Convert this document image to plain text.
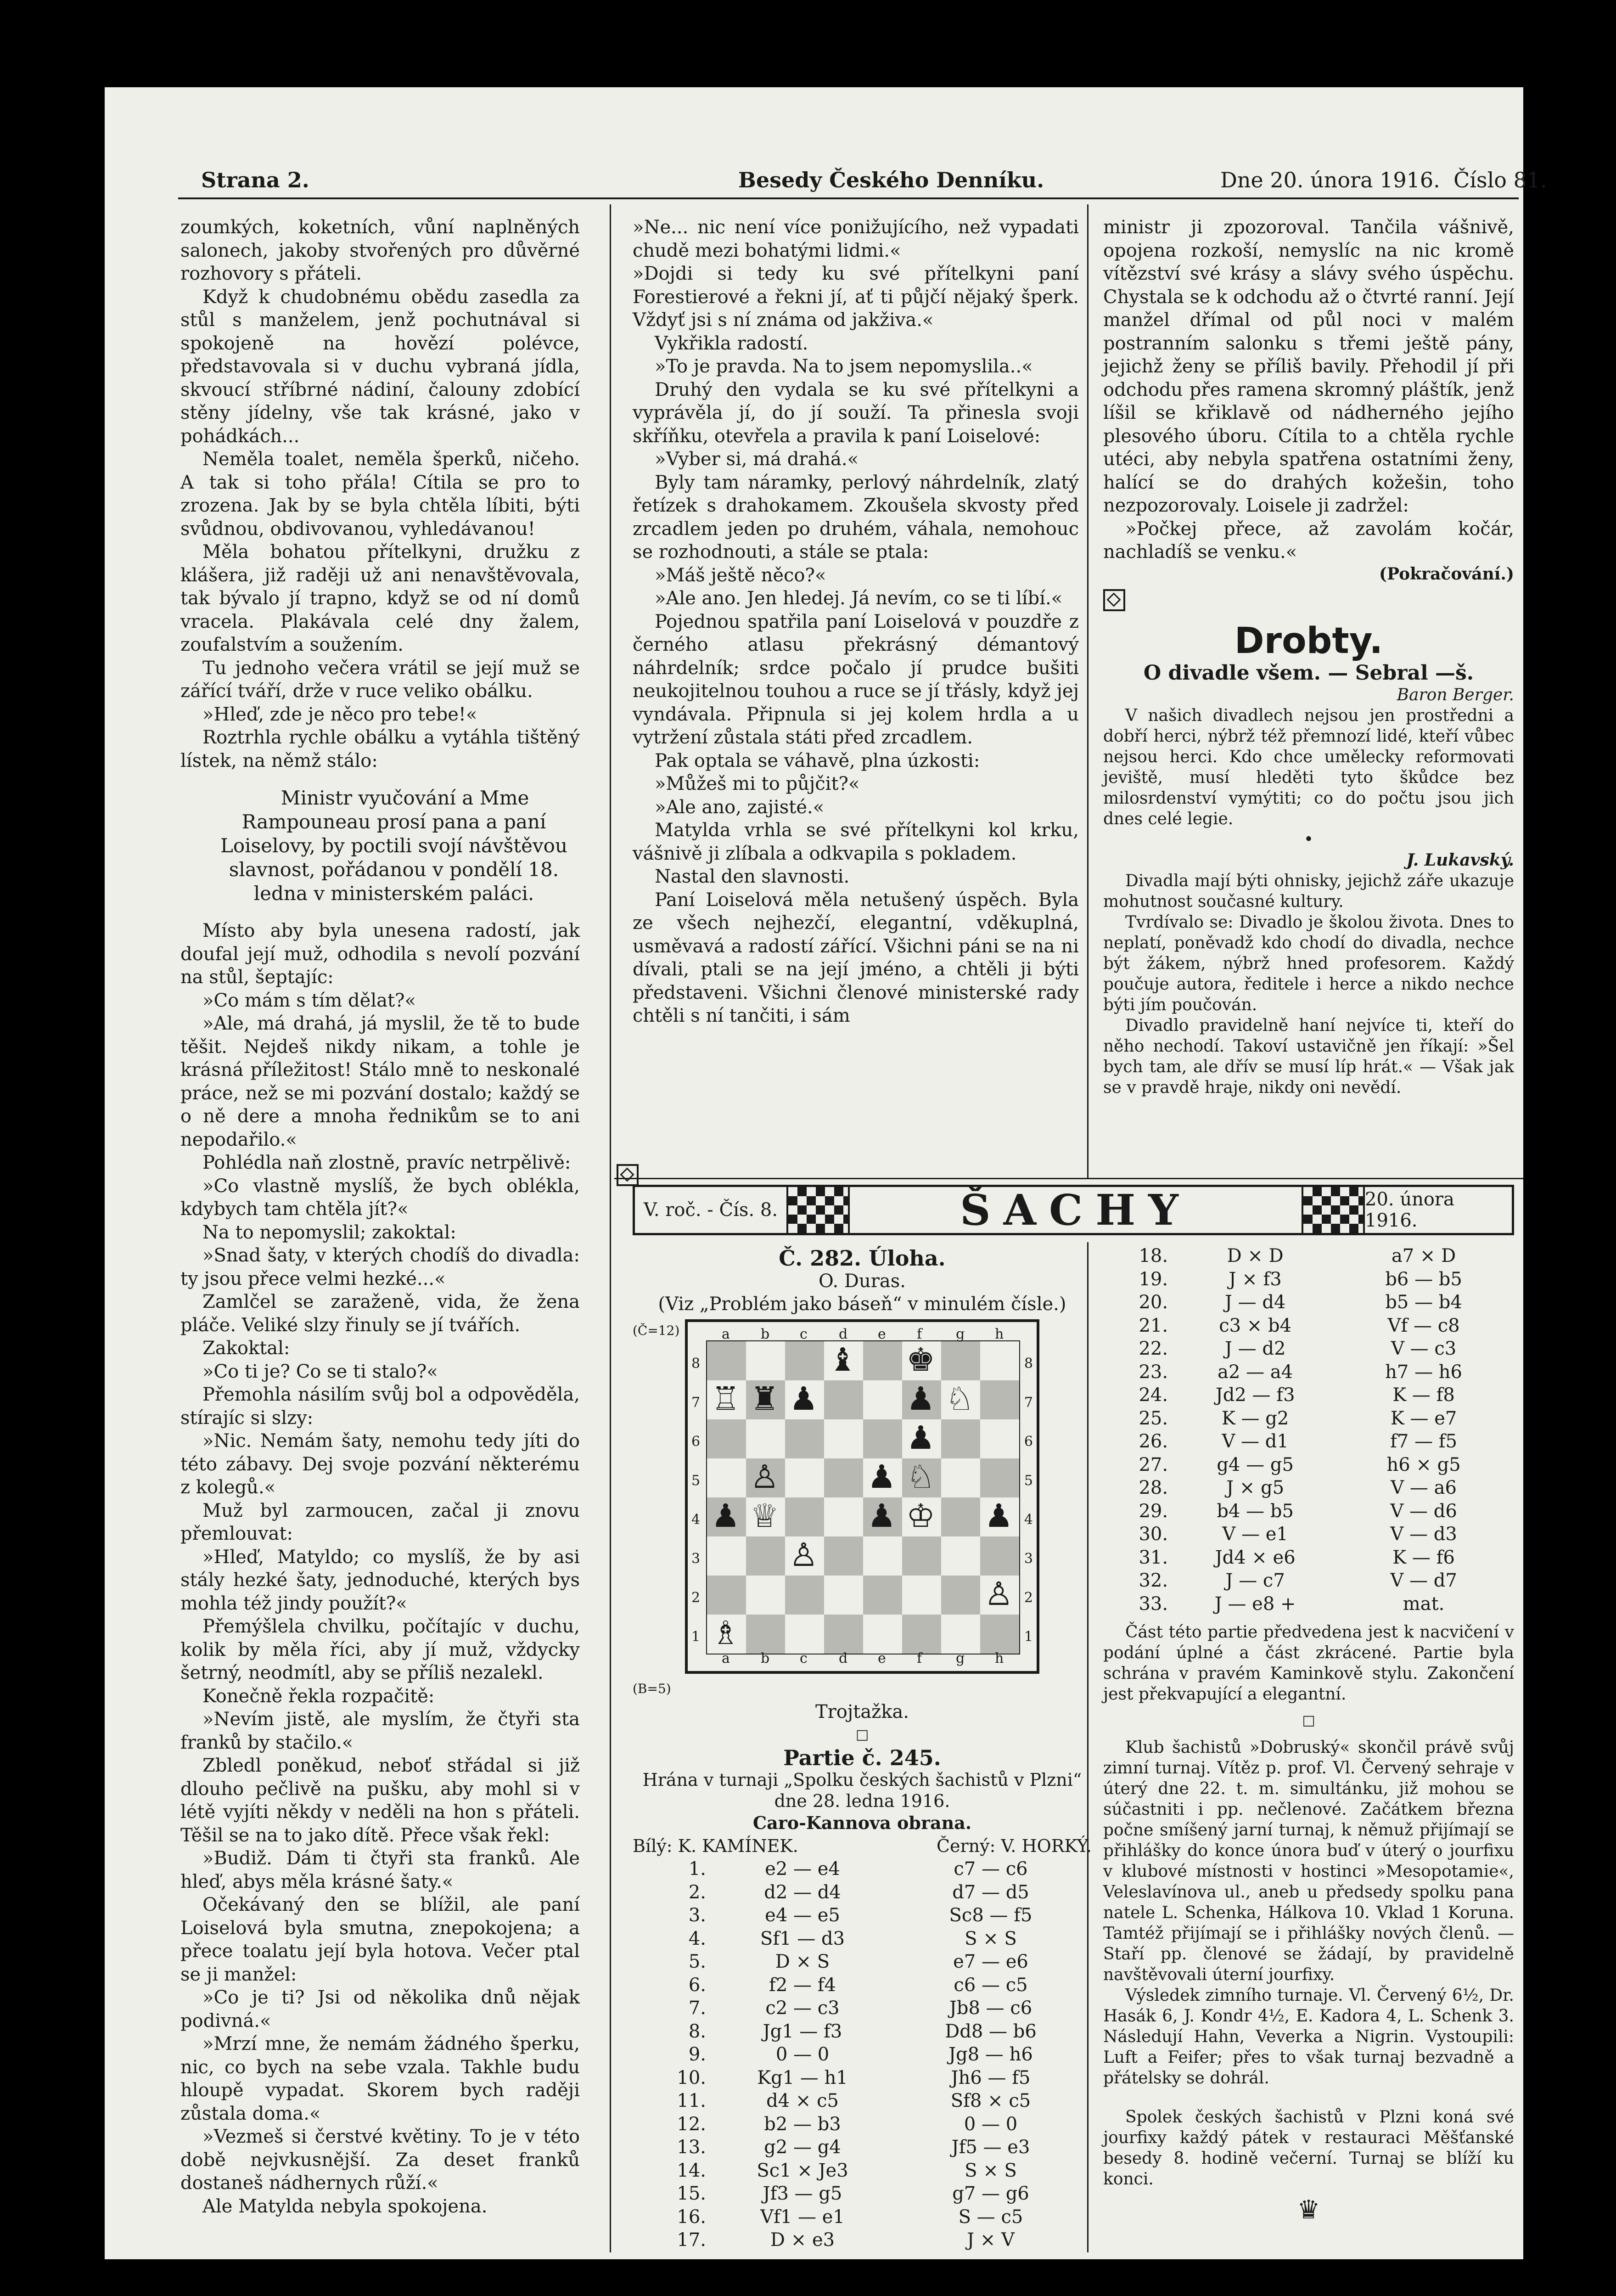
Strana 2.	Besedy Českého Denníku.	Dne 20. února 1916. Číslo 81.

zoumkých, koketních, vůní naplněných salonech, jakoby stvořených pro důvěrné rozhovory s přáteli.

Když k chudobnému obědu zasedla za stůl s manželem, jenž pochutnával si spokojeně na hovězí polévce, představovala si v duchu vybraná jídla, skvoucí stříbrné nádiní, čalouny zdobící stěny jídelny, vše tak krásné, jako v pohádkách...

Neměla toalet, neměla šperků, ničeho. A tak si toho přála! Cítila se pro to zrozena. Jak by se byla chtěla líbiti, býti svůdnou, obdivovanou, vyhledávanou!

Měla bohatou přítelkyni, družku z klášera, již raději už ani nenavštěvovala, tak bývalo jí trapno, když se od ní domů vracela. Plakávala celé dny žalem, zoufalstvím a soužením.

Tu jednoho večera vrátil se její muž se zářící tváří, drže v ruce veliko obálku.

»Hleď, zde je něco pro tebe!«

Roztrhla rychle obálku a vytáhla tištěný lístek, na němž stálo:

Ministr vyučování a Mme Rampouneau prosí pana a paní Loiselovy, by poctili svojí návštěvou slavnost, pořádanou v pondělí 18. ledna v ministerském paláci.

Místo aby byla unesena radostí, jak doufal její muž, odhodila s nevolí pozvání na stůl, šeptajíc:

»Co mám s tím dělat?«

»Ale, má drahá, já myslil, že tě to bude těšit. Nejdeš nikdy nikam, a tohle je krásná příležitost! Stálo mně to neskonalé práce, než se mi pozvání dostalo; každý se o ně dere a mnoha řednikům se to ani nepodařilo.«

Pohlédla naň zlostně, pravíc netrpělivě:

»Co vlastně myslíš, že bych oblékla, kdybych tam chtěla jít?«

Na to nepomyslil; zakoktal:

»Snad šaty, v kterých chodíš do divadla: ty jsou přece velmi hezké...«

Zamlčel se zaraženě, vida, že žena pláče. Veliké slzy řinuly se jí tvářích.

Zakoktal:

»Co ti je? Co se ti stalo?«

Přemohla násilím svůj bol a odpověděla, stírajíc si slzy:

»Nic. Nemám šaty, nemohu tedy jíti do této zábavy. Dej svoje pozvání některému z kolegů.«

Muž byl zarmoucen, začal ji znovu přemlouvat:

»Hleď, Matyldo; co myslíš, že by asi stály hezké šaty, jednoduché, kterých bys mohla též jindy použít?«

Přemýšlela chvilku, počítajíc v duchu, kolik by měla říci, aby jí muž, vždycky šetrný, neodmítl, aby se příliš nezalekl.

Konečně řekla rozpačitě:

»Nevím jistě, ale myslím, že čtyři sta franků by stačilo.«

Zbledl poněkud, neboť střádal si již dlouho pečlivě na pušku, aby mohl si v létě vyjíti někdy v neděli na hon s přáteli. Těšil se na to jako dítě. Přece však řekl:

»Budiž. Dám ti čtyři sta franků. Ale hleď, abys měla krásné šaty.«

Očekávaný den se blížil, ale paní Loiselová byla smutna, znepokojena; a přece toalatu její byla hotova. Večer ptal se ji manžel:

»Co je ti? Jsi od několika dnů nějak podivná.«

»Mrzí mne, že nemám žádného šperku, nic, co bych na sebe vzala. Takhle budu hloupě vypadat. Skorem bych raději zůstala doma.«

»Vezmeš si čerstvé květiny. To je v této době nejvkusnější. Za deset franků dostaneš nádhernych růží.«

Ale Matylda nebyla spokojena.

»Ne... nic není více ponižujícího, než vypadati chudě mezi bohatými lidmi.«

»Dojdi si tedy ku své přítelkyni paní Forestierové a řekni jí, ať ti půjčí nějaký šperk. Vždyť jsi s ní známa od jakživa.«

Vykřikla radostí.

»To je pravda. Na to jsem nepomyslila..«

Druhý den vydala se ku své přítelkyni a vyprávěla jí, do jí souží. Ta přinesla svoji skříňku, otevřela a pravila k paní Loiselové:

»Vyber si, má drahá.«

Byly tam náramky, perlový náhrdelník, zlatý řetízek s drahokamem. Zkoušela skvosty před zrcadlem jeden po druhém, váhala, nemohouc se rozhodnouti, a stále se ptala:

»Máš ještě něco?«

»Ale ano. Jen hledej. Já nevím, co se ti líbí.«

Pojednou spatřila paní Loiselová v pouzdře z černého atlasu překrásný démantový náhrdelník; srdce počalo jí prudce bušiti neukojitelnou touhou a ruce se jí třásly, když jej vyndávala. Připnula si jej kolem hrdla a u vytržení zůstala státi před zrcadlem.

Pak optala se váhavě, plna úzkosti:

»Můžeš mi to půjčit?«

»Ale ano, zajisté.«

Matylda vrhla se své přítelkyni kol krku, vášnivě ji zlíbala a odkvapila s pokladem.

Nastal den slavnosti.

Paní Loiselová měla netušený úspěch. Byla ze všech nejhezčí, elegantní, vděkuplná, usměvavá a radostí zářící. Všichni páni se na ni dívali, ptali se na její jméno, a chtěli ji býti představeni. Všichni členové ministerské rady chtěli s ní tančiti, i sám

ministr ji zpozoroval. Tančila vášnivě, opojena rozkoší, nemyslíc na nic kromě vítězství své krásy a slávy svého úspěchu. Chystala se k odchodu až o čtvrté ranní. Její manžel dřímal od půl noci v malém postranním salonku s třemi ještě pány, jejichž ženy se příliš bavily. Přehodil jí při odchodu přes ramena skromný pláštík, jenž líšil se křiklavě od nádherného jejího plesového úboru. Cítila to a chtěla rychle utéci, aby nebyla spatřena ostatními ženy, halící se do drahých kožešin, toho nezpozorovaly. Loisele ji zadržel:

»Počkej přece, až zavolám kočár, nachladíš se venku.«

(Pokračování.)

Drobty.
O divadle všem. — Sebral —š.

Baron Berger.

V našich divadlech nejsou jen prostředni a dobří herci, nýbrž též přemnozí lidé, kteří vůbec nejsou herci. Kdo chce umělecky reformovati jeviště, musí hleděti tyto škůdce bez milosrdenství vymýtiti; co do počtu jsou jich dnes celé legie.

•

J. Lukavský.

Divadla mají býti ohnisky, jejichž záře ukazuje mohutnost současné kultury.

Tvrdívalo se: Divadlo je školou života. Dnes to neplatí, poněvadž kdo chodí do divadla, nechce být žákem, nýbrž hned profesorem. Každý poučuje autora, ředitele i herce a nikdo nechce býti jím poučován.

Divadlo pravidelně haní nejvíce ti, kteří do něho nechodí. Takoví ustavičně jen říkají: »Šel bych tam, ale dřív se musí líp hrát.« — Však jak se v pravdě hraje, nikdy oni nevědí.

V. roč. - Čís. 8.	ŠACHY	20. února 1916.
Č. 282. Úloha.
O. Duras.
(Viz „Problém jako báseň“ v minulém čísle.)
(Č=12)
(B=5)
a
a
b
b
c
c
d
d
e
e
f
f
g
g
h
h
8	8
7	7
6	6
5	5
4	4
3	3
2	2
1	1
♝ ♚
♜
♖ ♟	♘
♟
♟
♙	♟ ♘
♟ ♕	♟ ♔ ♟
♙
♙
♗
Trojtažka.
□
Partie č. 245.
Hrána v turnaji „Spolku českých šachistů v Plzni“ dne 28. ledna 1916.
Caro-Kannova obrana.
Bílý: K. KAMÍNEK.	Černý: V. HORKÝ.
1.	e2 — e4	c7 — c6
2.	d2 — d4	d7 — d5
3.	e4 — e5	Sc8 — f5
4.	Sf1 — d3	S × S
5.	D × S	e7 — e6
6.	f2 — f4	c6 — c5
7.	c2 — c3	Jb8 — c6
8.	Jg1 — f3	Dd8 — b6
9.	0 — 0	Jg8 — h6
10.	Kg1 — h1	Jh6 — f5
11.	d4 × c5	Sf8 × c5
12.	b2 — b3	0 — 0
13.	g2 — g4	Jf5 — e3
14.	Sc1 × Je3	S × S
15.	Jf3 — g5	g7 — g6
16.	Vf1 — e1	S — c5
17.	D × e3	J × V
18.	D × D	a7 × D
19.	J × f3	b6 — b5
20.	J — d4	b5 — b4
21.	c3 × b4	Vf — c8
22.	J — d2	V — c3
23.	a2 — a4	h7 — h6
24.	Jd2 — f3	K — f8
25.	K — g2	K — e7
26.	V — d1	f7 — f5
27.	g4 — g5	h6 × g5
28.	J × g5	V — a6
29.	b4 — b5	V — d6
30.	V — e1	V — d3
31.	Jd4 × e6	K — f6
32.	J — c7	V — d7
33.	J — e8 +	mat.

Část této partie předvedena jest k nacvičení v podání úplné a část zkrácené. Partie byla schrána v pravém Kaminkově stylu. Zakončení jest překvapující a elegantní.

□

Klub šachistů »Dobruský« skončil právě svůj zimní turnaj. Vítěz p. prof. Vl. Červený sehraje v úterý dne 22. t. m. simultánku, již mohou se súčastniti i pp. nečlenové. Začátkem března počne smíšený jarní turnaj, k němuž přijímají se přihlášky do konce února buď v úterý o jourfixu v klubové místnosti v hostinci »Mesopotamie«, Veleslavínova ul., aneb u předsedy spolku pana natele L. Schenka, Hálkova 10. Vklad 1 Koruna. Tamtéž přijímají se i přihlášky nových členů. — Staří pp. členové se žádají, by pravidelně navštěvovali úterní jourfixy.

Výsledek zimního turnaje. Vl. Červený 6½, Dr. Hasák 6, J. Kondr 4½, E. Kadora 4, L. Schenk 3. Následují Hahn, Veverka a Nigrin. Vystoupili: Luft a Feifer; přes to však turnaj bezvadně a přátelsky se dohrál.

Spolek českých šachistů v Plzni koná své jourfixy každý pátek v restauraci Měšťanské besedy 8. hodině večerní. Turnaj se blíží ku konci.

♛
